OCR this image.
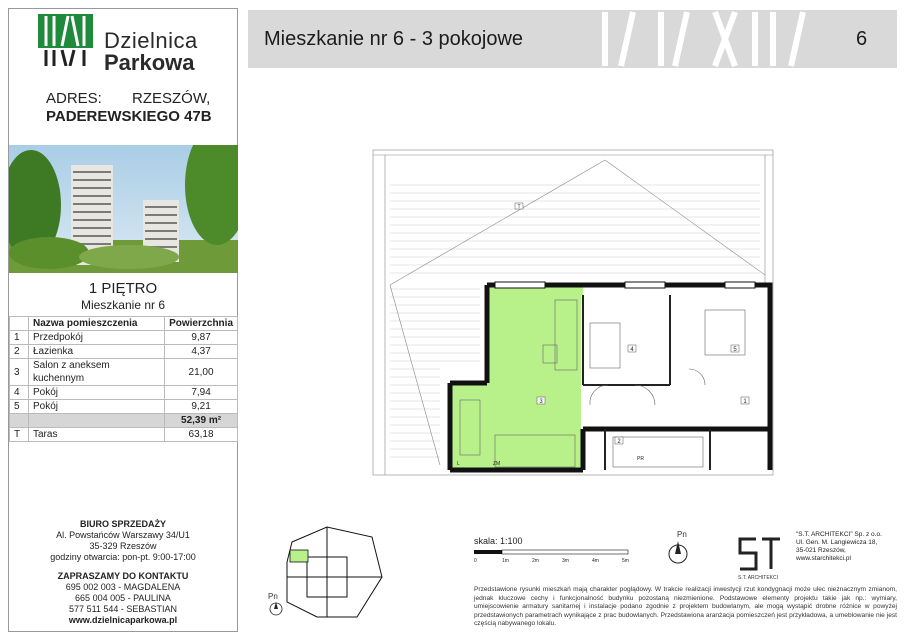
Dzielnica
Parkowa
ADRES: RZESZÓW,
PADEREWSKIEGO 47B
1 PIĘTRO
Mieszkanie nr 6
	Nazwa pomieszczenia	Powierzchnia
1	Przedpokój	9,87
2	Łazienka	4,37
3	Salon z aneksem kuchennym	21,00
4	Pokój	7,94
5	Pokój	9,21
		52,39 m²
T	Taras	63,18
BIURO SPRZEDAŻY
Al. Powstańców Warszawy 34/U1
35-329 Rzeszów
godziny otwarcia: pon-pt. 9:00-17:00
ZAPRASZAMY DO KONTAKTU
695 002 003 - MAGDALENA
665 004 005 - PAULINA
577 511 544 - SEBASTIAN
www.dzielnicaparkowa.pl
Mieszkanie nr 6 - 3 pokojowe	6
T
1
2
3
4	5
L	ZM
PR
Pn
skala: 1:100
0	1m	2m	3m	4m	5m
Pn
S.T. ARCHITEKCI
"S.T. ARCHITEKCI" Sp. z o.o.
Ul. Gen. M. Langiewicza 18,
35-021 Rzeszów,
www.starchitekci.pl
Przedstawione rysunki mieszkań mają charakter poglądowy. W trakcie realizacji inwestycji rzut kondygnacji może ulec nieznacznym zmianom, jednak kluczowe cechy i funkcjonalność budynku pozostaną niezmienione. Podstawowe elementy projektu takie jak np.: wymiary, umiejscowienie armatury sanitarnej i instalacje podano zgodnie z projektem budowlanym, ale mogą wystąpić drobne różnice w powyżej przedstawionych parametrach wynikające z prac budowlanych. Przedstawiona aranżacja pomieszczeń jest przykładowa, a umeblowanie nie jest częścią nabywanego lokalu.
